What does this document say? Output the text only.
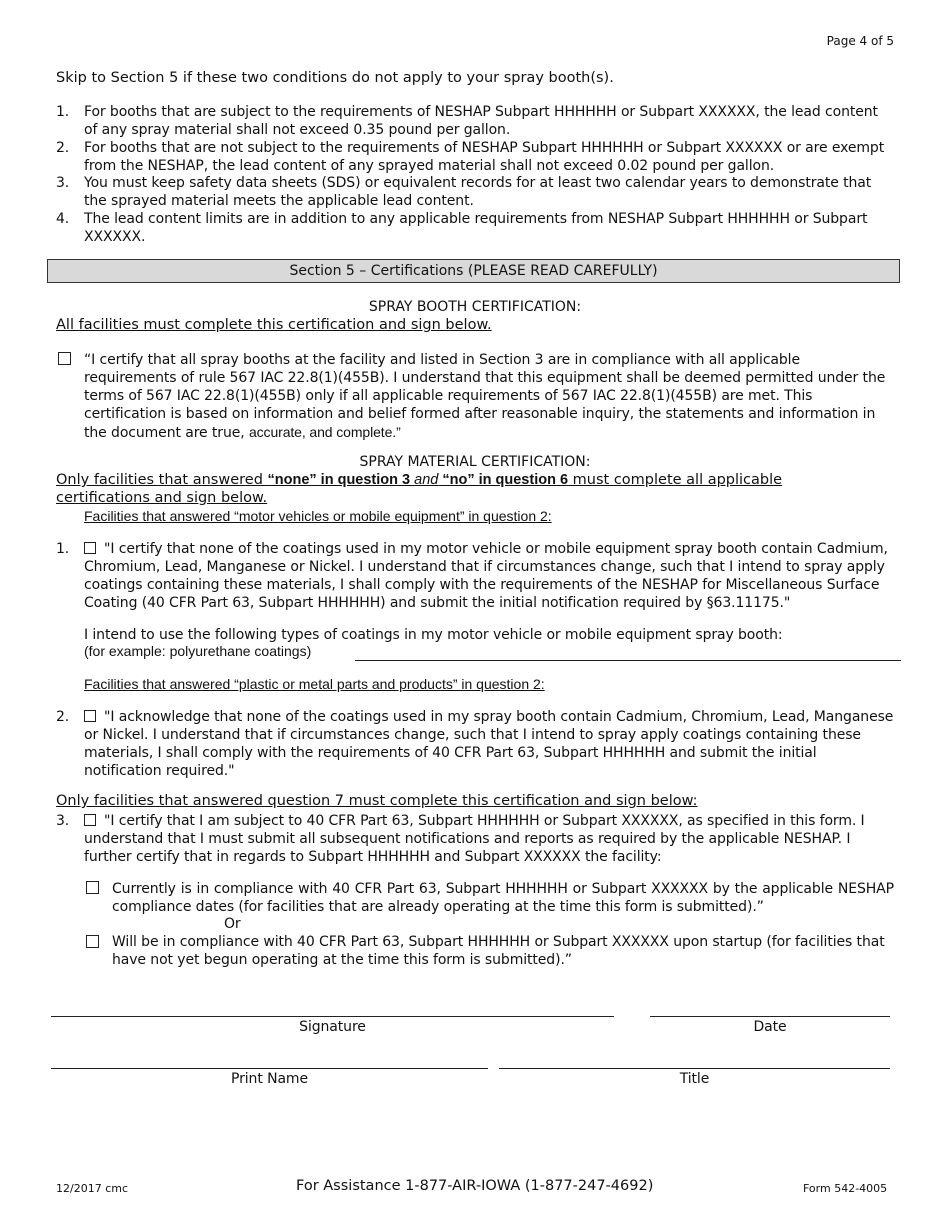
Page 4 of 5
Skip to Section 5 if these two conditions do not apply to your spray booth(s).
1. For booths that are subject to the requirements of NESHAP Subpart HHHHHH or Subpart XXXXXX, the lead content of any spray material shall not exceed 0.35 pound per gallon.
2. For booths that are not subject to the requirements of NESHAP Subpart HHHHHH or Subpart XXXXXX or are exempt from the NESHAP, the lead content of any sprayed material shall not exceed 0.02 pound per gallon.
3. You must keep safety data sheets (SDS) or equivalent records for at least two calendar years to demonstrate that the sprayed material meets the applicable lead content.
4. The lead content limits are in addition to any applicable requirements from NESHAP Subpart HHHHHH or Subpart XXXXXX.
Section 5 – Certifications (PLEASE READ CAREFULLY)
SPRAY BOOTH CERTIFICATION:
All facilities must complete this certification and sign below.
“I certify that all spray booths at the facility and listed in Section 3 are in compliance with all applicable requirements of rule 567 IAC 22.8(1)(455B). I understand that this equipment shall be deemed permitted under the terms of 567 IAC 22.8(1)(455B) only if all applicable requirements of 567 IAC 22.8(1)(455B) are met. This certification is based on information and belief formed after reasonable inquiry, the statements and information in the document are true, accurate, and complete.”
SPRAY MATERIAL CERTIFICATION:
Only facilities that answered “none” in question 3 and “no” in question 6 must complete all applicable
certifications and sign below.
Facilities that answered “motor vehicles or mobile equipment” in question 2:
1.	"I certify that none of the coatings used in my motor vehicle or mobile equipment spray booth contain Cadmium, Chromium, Lead, Manganese or Nickel. I understand that if circumstances change, such that I intend to spray apply coatings containing these materials, I shall comply with the requirements of the NESHAP for Miscellaneous Surface Coating (40 CFR Part 63, Subpart HHHHHH) and submit the initial notification required by §63.11175."
I intend to use the following types of coatings in my motor vehicle or mobile equipment spray booth:
(for example: polyurethane coatings)
Facilities that answered “plastic or metal parts and products” in question 2:
2.	"I acknowledge that none of the coatings used in my spray booth contain Cadmium, Chromium, Lead, Manganese or Nickel. I understand that if circumstances change, such that I intend to spray apply coatings containing these materials, I shall comply with the requirements of 40 CFR Part 63, Subpart HHHHHH and submit the initial notification required."
Only facilities that answered question 7 must complete this certification and sign below:
3.	"I certify that I am subject to 40 CFR Part 63, Subpart HHHHHH or Subpart XXXXXX, as specified in this form. I understand that I must submit all subsequent notifications and reports as required by the applicable NESHAP. I further certify that in regards to Subpart HHHHHH and Subpart XXXXXX the facility:
Currently is in compliance with 40 CFR Part 63, Subpart HHHHHH or Subpart XXXXXX by the applicable NESHAP compliance dates (for facilities that are already operating at the time this form is submitted).”
Or
Will be in compliance with 40 CFR Part 63, Subpart HHHHHH or Subpart XXXXXX upon startup (for facilities that have not yet begun operating at the time this form is submitted).”
Signature	Date
Print Name	Title
12/2017 cmc	For Assistance 1-877-AIR-IOWA (1-877-247-4692)	Form 542-4005
